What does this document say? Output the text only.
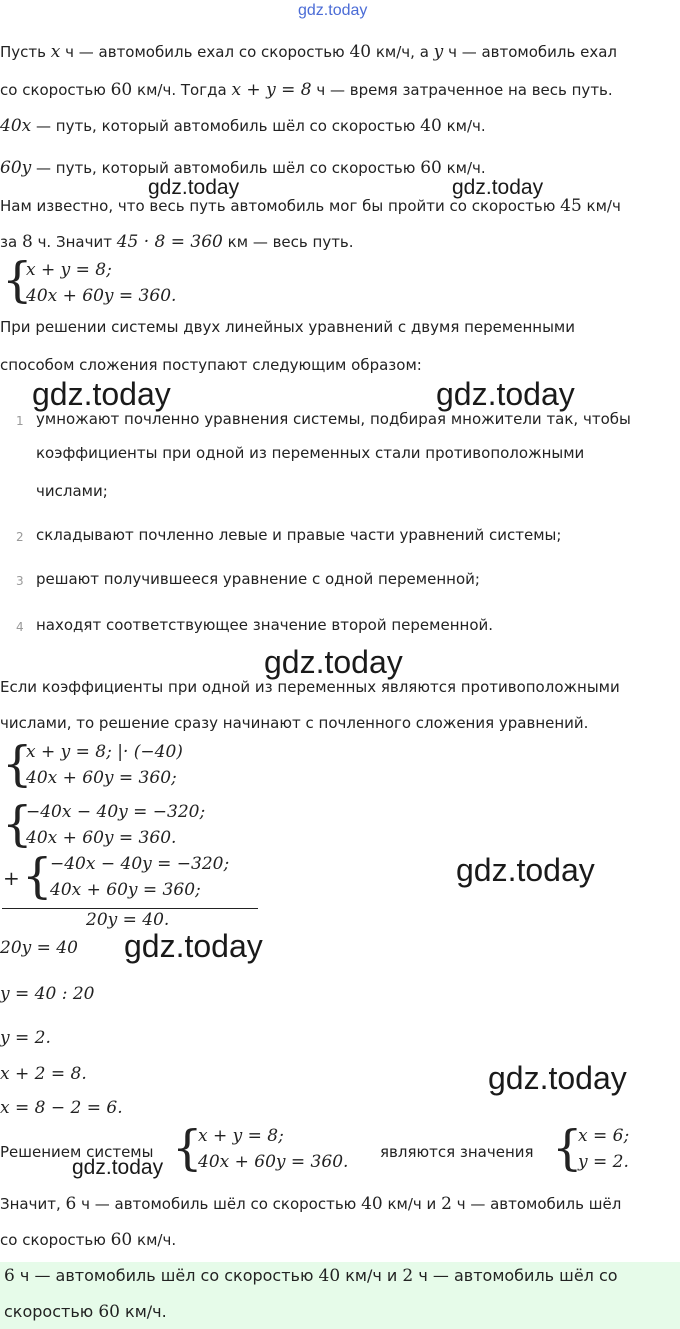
gdz.today
gdz.today	gdz.today
gdz.today	gdz.today
gdz.today
gdz.today
gdz.today
gdz.today
gdz.today
Пусть x ч — автомобиль ехал со скоростью 40 км/ч, а y ч — автомобиль ехал
со скоростью 60 км/ч. Тогда x + y = 8 ч — время затраченное на весь путь.
40x — путь, который автомобиль шёл со скоростью 40 км/ч.
60y — путь, который автомобиль шёл со скоростью 60 км/ч.
Нам известно, что весь путь автомобиль мог бы пройти со скоростью 45 км/ч
за 8 ч. Значит 45 · 8 = 360 км — весь путь.
{
x + y = 8;
40x + 60y = 360.
При решении системы двух линейных уравнений с двумя переменными
способом сложения поступают следующим образом:
1 умножают почленно уравнения системы, подбирая множители так, чтобы
коэффициенты при одной из переменных стали противоположными
числами;
2 складывают почленно левые и правые части уравнений системы;
3 решают получившееся уравнение с одной переменной;
4 находят соответствующее значение второй переменной.
Если коэффициенты при одной из переменных являются противоположными
числами, то решение сразу начинают с почленного сложения уравнений.
{
x + y = 8; |· (−40)
40x + 60y = 360;
{
−40x − 40y = −320;
40x + 60y = 360.
+ {
−40x − 40y = −320;
40x + 60y = 360;
20y = 40.
20y = 40
y = 40 : 20
y = 2.
x + 2 = 8.
x = 8 − 2 = 6.
Решением системы {
x + y = 8;
40x + 60y = 360. являются значения {
x = 6;
y = 2.
Значит, 6 ч — автомобиль шёл со скоростью 40 км/ч и 2 ч — автомобиль шёл
со скоростью 60 км/ч.
6 ч — автомобиль шёл со скоростью 40 км/ч и 2 ч — автомобиль шёл со
скоростью 60 км/ч.
